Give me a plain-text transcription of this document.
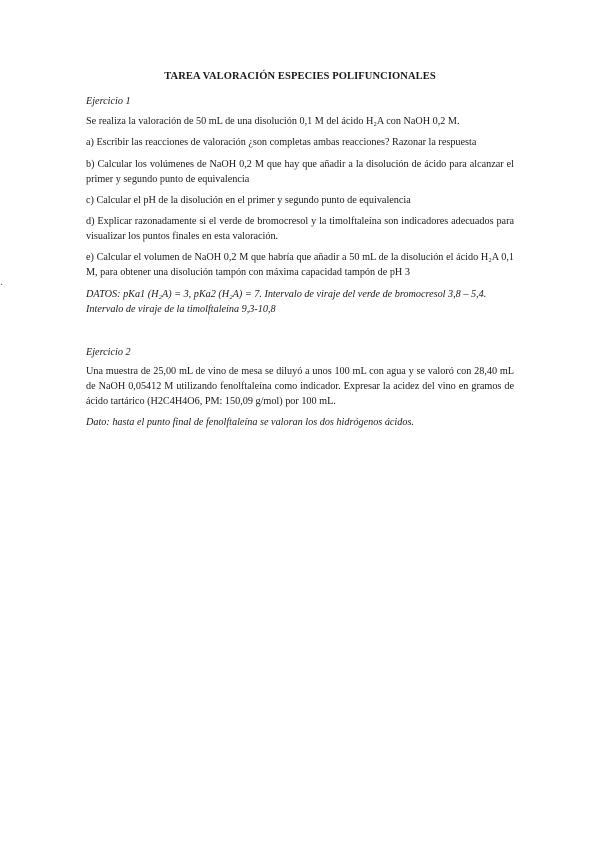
TAREA VALORACIÓN ESPECIES POLIFUNCIONALES
Ejercicio 1
Se realiza la valoración de 50 mL de una disolución 0,1 M del ácido H₂A con NaOH 0,2 M.
a) Escribir las reacciones de valoración ¿son completas ambas reacciones? Razonar la respuesta
b) Calcular los volúmenes de NaOH 0,2 M que hay que añadir a la disolución de ácido para alcanzar el primer y segundo punto de equivalencia
c) Calcular el pH de la disolución en el primer y segundo punto de equivalencia
d) Explicar razonadamente si el verde de bromocresol y la timolftaleína son indicadores adecuados para visualizar los puntos finales en esta valoración.
e) Calcular el volumen de NaOH 0,2 M que habría que añadir a 50 mL de la disolución el ácido H₂A 0,1 M, para obtener una disolución tampón con máxima capacidad tampón de pH 3
DATOS: pKa1 (H₂A) = 3, pKa2 (H₂A) = 7. Intervalo de viraje del verde de bromocresol 3,8 – 5,4. Intervalo de viraje de la timolftaleína 9,3-10,8
Ejercicio 2
Una muestra de 25,00 mL de vino de mesa se diluyó a unos 100 mL con agua y se valoró con 28,40 mL de NaOH 0,05412 M utilizando fenolftaleína como indicador. Expresar la acidez del vino en gramos de ácido tartárico (H2C4H4O6, PM: 150,09 g/mol) por 100 mL.
Dato: hasta el punto final de fenolftaleína se valoran los dos hidrógenos ácidos.
·
